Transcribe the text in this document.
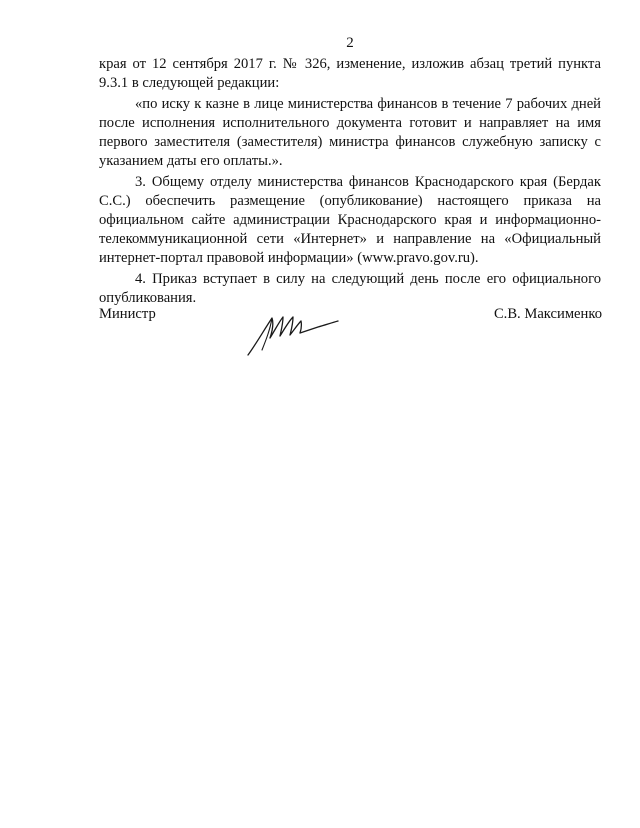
2

края от 12 сентября 2017 г. № 326, изменение, изложив абзац третий пункта 9.3.1 в следующей редакции:

«по иску к казне в лице министерства финансов в течение 7 рабочих дней после исполнения исполнительного документа готовит и направляет на имя первого заместителя (заместителя) министра финансов служебную записку с указанием даты его оплаты.».

3. Общему отделу министерства финансов Краснодарского края (Бердак С.С.) обеспечить размещение (опубликование) настоящего приказа на официальном сайте администрации Краснодарского края и информационно-телекоммуникационной сети «Интернет» и направление на «Официальный интернет-портал правовой информации» (www.pravo.gov.ru).

4. Приказ вступает в силу на следующий день после его официального опубликования.

Министр	С.В. Максименко
